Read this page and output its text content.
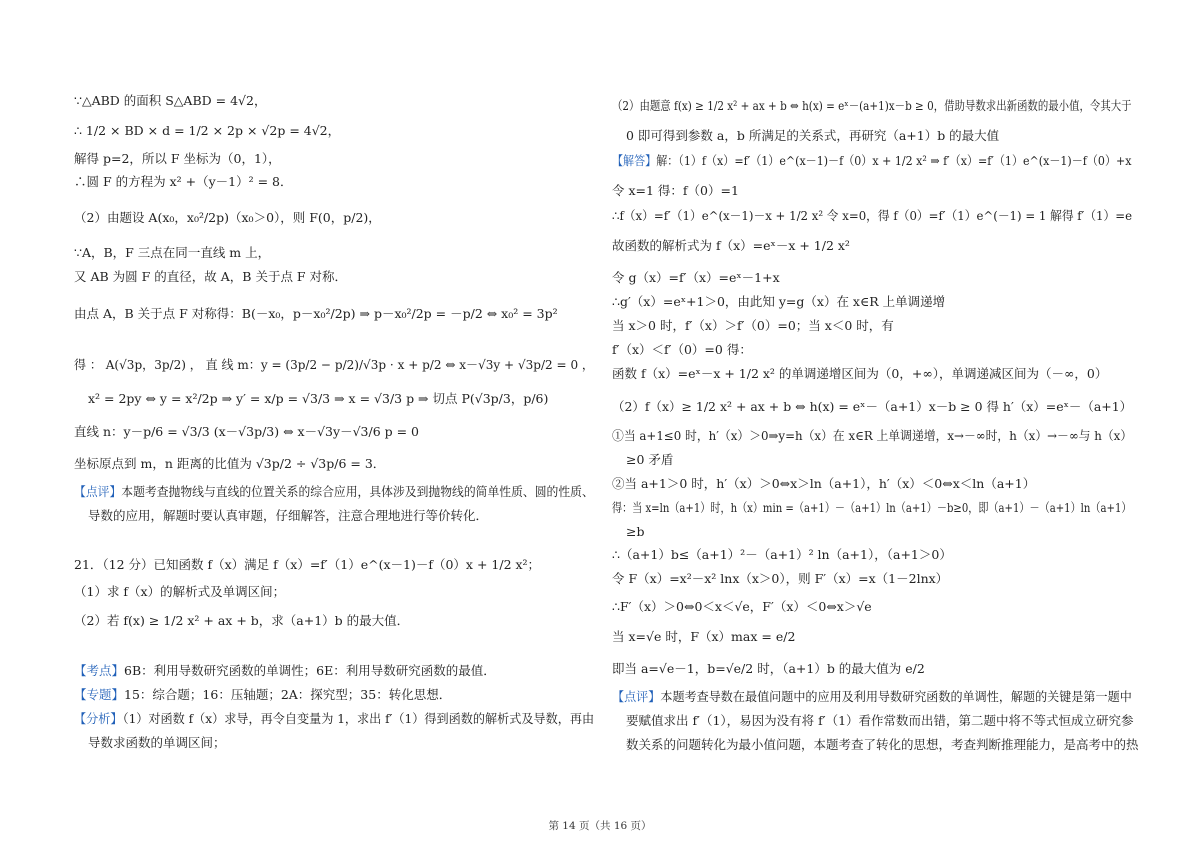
∵△ABD 的面积 S△ABD = 4√2，
∴ 1/2 × BD × d = 1/2 × 2p × √2p = 4√2，
解得 p=2，所以 F 坐标为（0，1），
∴圆 F 的方程为 x² +（y－1）² = 8．
（2）由题设 A(x₀，x₀²/2p)（x₀＞0），则 F(0，p/2)，
∵A，B，F 三点在同一直线 m 上，
又 AB 为圆 F 的直径，故 A，B 关于点 F 对称．
由点 A，B 关于点 F 对称得：B(－x₀，p－x₀²/2p) ⇒ p－x₀²/2p = －p/2 ⇔ x₀² = 3p²
得 ： A(√3p，3p/2) ， 直 线 m：y = (3p/2 − p/2)/√3p · x + p/2 ⇔ x－√3y + √3p/2 = 0 ，
x² = 2py ⇔ y = x²/2p ⇒ y′ = x/p = √3/3 ⇒ x = √3/3 p ⇒ 切点 P(√3p/3，p/6)
直线 n：y－p/6 = √3/3 (x－√3p/3) ⇔ x－√3y－√3/6 p = 0
坐标原点到 m，n 距离的比值为 √3p/2 ÷ √3p/6 = 3．
【点评】本题考查抛物线与直线的位置关系的综合应用，具体涉及到抛物线的简单性质、圆的性质、
导数的应用，解题时要认真审题，仔细解答，注意合理地进行等价转化．
21．（12 分）已知函数 f（x）满足 f（x）=f′（1）e^(x－1)－f（0）x + 1/2 x²；
（1）求 f（x）的解析式及单调区间；
（2）若 f(x) ≥ 1/2 x² + ax + b，求（a+1）b 的最大值．
【考点】6B：利用导数研究函数的单调性；6E：利用导数研究函数的最值．
【专题】15：综合题；16：压轴题；2A：探究型；35：转化思想．
【分析】（1）对函数 f（x）求导，再令自变量为 1，求出 f′（1）得到函数的解析式及导数，再由
导数求函数的单调区间；
（2）由题意 f(x) ≥ 1/2 x² + ax + b ⇔ h(x) = eˣ－(a+1)x－b ≥ 0，借助导数求出新函数的最小值，令其大于
0 即可得到参数 a，b 所满足的关系式，再研究（a+1）b 的最大值
【解答】解：（1）f（x）=f′（1）e^(x－1)－f（0）x + 1/2 x² ⇒ f′（x）=f′（1）e^(x－1)－f（0）+x
令 x=1 得：f（0）=1
∴f（x）=f′（1）e^(x－1)－x + 1/2 x² 令 x=0，得 f（0）=f′（1）e^(－1) = 1 解得 f′（1）=e
故函数的解析式为 f（x）=eˣ－x + 1/2 x²
令 g（x）=f′（x）=eˣ－1+x
∴g′（x）=eˣ+1＞0，由此知 y=g（x）在 x∈R 上单调递增
当 x＞0 时，f′（x）＞f′（0）=0；当 x＜0 时，有
f′（x）＜f′（0）=0 得：
函数 f（x）=eˣ－x + 1/2 x² 的单调递增区间为（0，+∞），单调递减区间为（－∞，0）
（2）f（x）≥ 1/2 x² + ax + b ⇔ h(x) = eˣ－（a+1）x－b ≥ 0 得 h′（x）=eˣ－（a+1）
①当 a+1≤0 时，h′（x）＞0⇒y=h（x）在 x∈R 上单调递增，x→－∞时，h（x）→－∞与 h（x）
≥0 矛盾
②当 a+1＞0 时，h′（x）＞0⇔x＞ln（a+1），h′（x）＜0⇔x＜ln（a+1）
得：当 x=ln（a+1）时，h（x）min =（a+1）－（a+1）ln（a+1）－b≥0，即（a+1）－（a+1）ln（a+1）
≥b
∴（a+1）b≤（a+1）²－（a+1）² ln（a+1），（a+1＞0）
令 F（x）=x²－x² lnx（x＞0），则 F′（x）=x（1－2lnx）
∴F′（x）＞0⇔0＜x＜√e，F′（x）＜0⇔x＞√e
当 x=√e 时，F（x）max = e/2
即当 a=√e－1，b=√e/2 时，（a+1）b 的最大值为 e/2
【点评】本题考查导数在最值问题中的应用及利用导数研究函数的单调性，解题的关键是第一题中
要赋值求出 f′（1），易因为没有将 f′（1）看作常数而出错，第二题中将不等式恒成立研究参
数关系的问题转化为最小值问题，本题考查了转化的思想，考查判断推理能力，是高考中的热
第 14 页（共 16 页）
